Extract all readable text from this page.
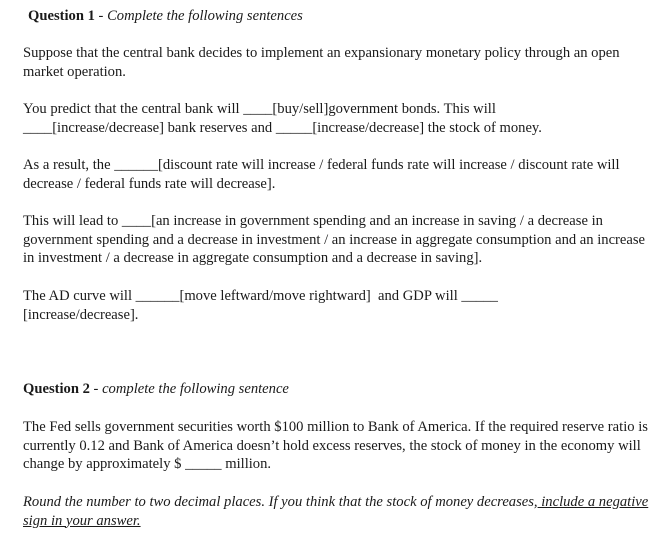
Question 1 - Complete the following sentences
Suppose that the central bank decides to implement an expansionary monetary policy through an open market operation.
You predict that the central bank will ____[buy/sell]government bonds. This will
____[increase/decrease] bank reserves and _____[increase/decrease] the stock of money.
As a result, the ______[discount rate will increase / federal funds rate will increase / discount rate will decrease / federal funds rate will decrease].
This will lead to ____[an increase in government spending and an increase in saving / a decrease in government spending and a decrease in investment / an increase in aggregate consumption and an increase in investment / a decrease in aggregate consumption and a decrease in saving].
The AD curve will ______[move leftward/move rightward]  and GDP will _____
[increase/decrease].
Question 2 - complete the following sentence
The Fed sells government securities worth $100 million to Bank of America. If the required reserve ratio is currently 0.12 and Bank of America doesn’t hold excess reserves, the stock of money in the economy will change by approximately $ _____ million.
Round the number to two decimal places. If you think that the stock of money decreases, include a negative sign in your answer.
